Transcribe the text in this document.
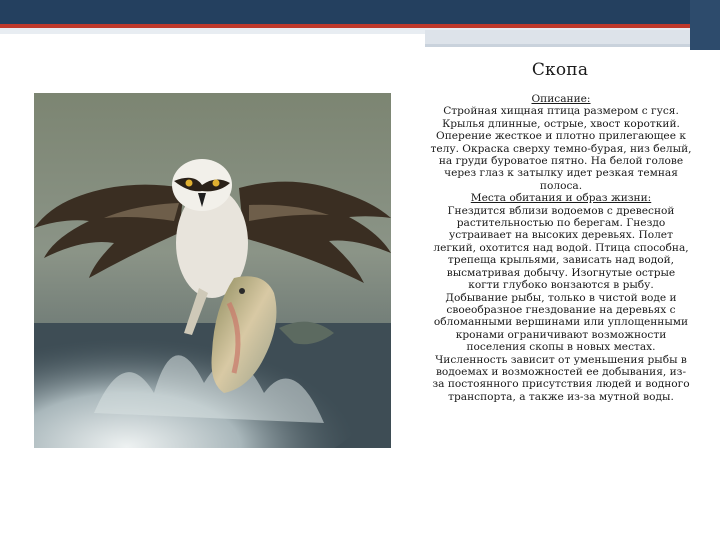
Скопа

Описание:

Стройная хищная птица размером с гуся. Крылья длинные, острые, хвост короткий. Оперение жесткое и плотно прилегающее к телу. Окраска сверху темно-бурая, низ белый, на груди буроватое пятно. На белой голове через глаз к затылку идет резкая темная полоса.

Места обитания и образ жизни:

Гнездится вблизи водоемов с древесной растительностью по берегам. Гнездо устраивает на высоких деревьях. Полет легкий, охотится над водой. Птица способна, трепеща крыльями, зависать над водой, высматривая добычу. Изогнутые острые когти глубоко вонзаются в рыбу.

Добывание рыбы, только в чистой воде и своеобразное гнездование на деревьях с обломанными вершинами или уплощенными кронами ограничивают возможности поселения скопы в новых местах.

Численность зависит от уменьшения рыбы в водоемах и возможностей ее добывания, из-за постоянного присутствия людей и водного транспорта, а также из-за мутной воды.
